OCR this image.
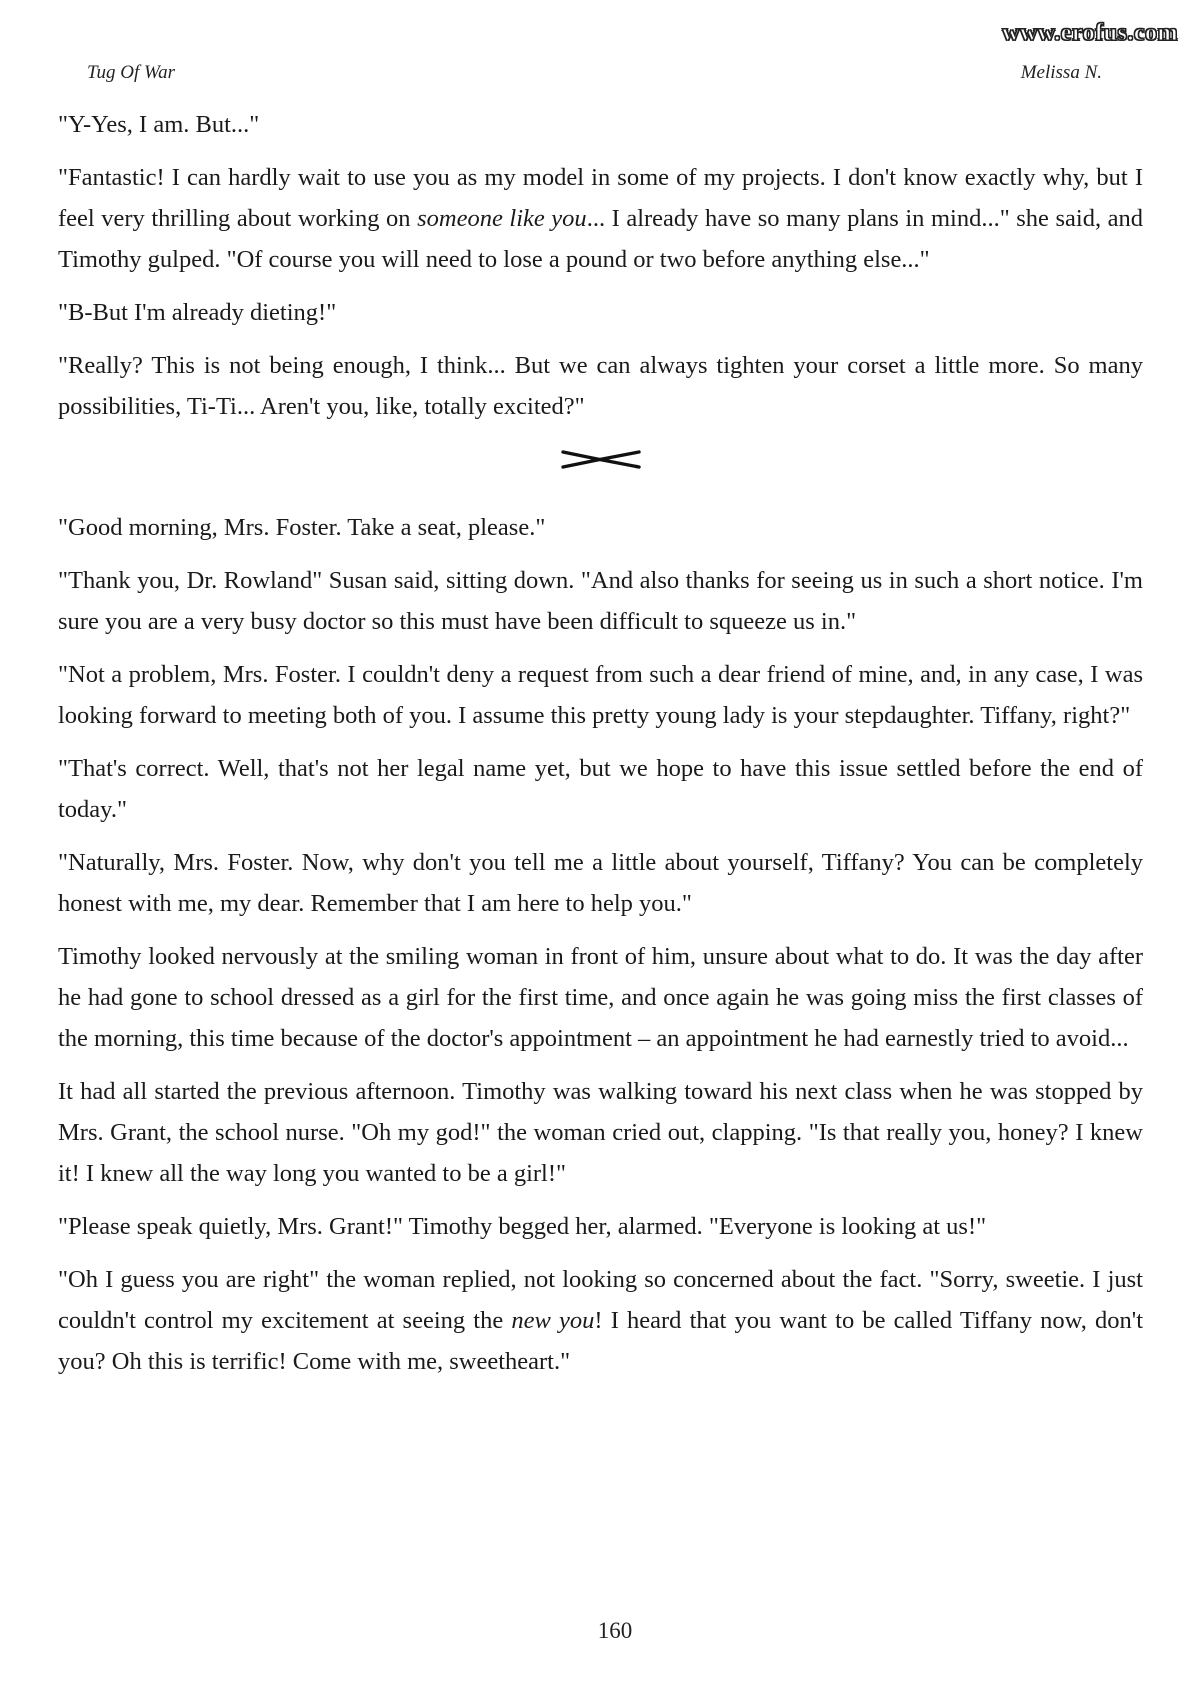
www.erofus.com
Tug Of War	Melissa N.

"Y-Yes, I am. But..."

"Fantastic! I can hardly wait to use you as my model in some of my projects. I don't know exactly why, but I feel very thrilling about working on someone like you... I already have so many plans in mind..." she said, and Timothy gulped. "Of course you will need to lose a pound or two before anything else..."

"B-But I'm already dieting!"

"Really? This is not being enough, I think... But we can always tighten your corset a little more. So many possibilities, Ti-Ti... Aren't you, like, totally excited?"

"Good morning, Mrs. Foster. Take a seat, please."

"Thank you, Dr. Rowland" Susan said, sitting down. "And also thanks for seeing us in such a short notice. I'm sure you are a very busy doctor so this must have been difficult to squeeze us in."

"Not a problem, Mrs. Foster. I couldn't deny a request from such a dear friend of mine, and, in any case, I was looking forward to meeting both of you. I assume this pretty young lady is your stepdaughter. Tiffany, right?"

"That's correct. Well, that's not her legal name yet, but we hope to have this issue settled before the end of today."

"Naturally, Mrs. Foster. Now, why don't you tell me a little about yourself, Tiffany? You can be completely honest with me, my dear. Remember that I am here to help you."

Timothy looked nervously at the smiling woman in front of him, unsure about what to do. It was the day after he had gone to school dressed as a girl for the first time, and once again he was going miss the first classes of the morning, this time because of the doctor's appointment – an appointment he had earnestly tried to avoid...

It had all started the previous afternoon. Timothy was walking toward his next class when he was stopped by Mrs. Grant, the school nurse. "Oh my god!" the woman cried out, clapping. "Is that really you, honey? I knew it! I knew all the way long you wanted to be a girl!"

"Please speak quietly, Mrs. Grant!" Timothy begged her, alarmed. "Everyone is looking at us!"

"Oh I guess you are right" the woman replied, not looking so concerned about the fact. "Sorry, sweetie. I just couldn't control my excitement at seeing the new you! I heard that you want to be called Tiffany now, don't you? Oh this is terrific! Come with me, sweetheart."

160
